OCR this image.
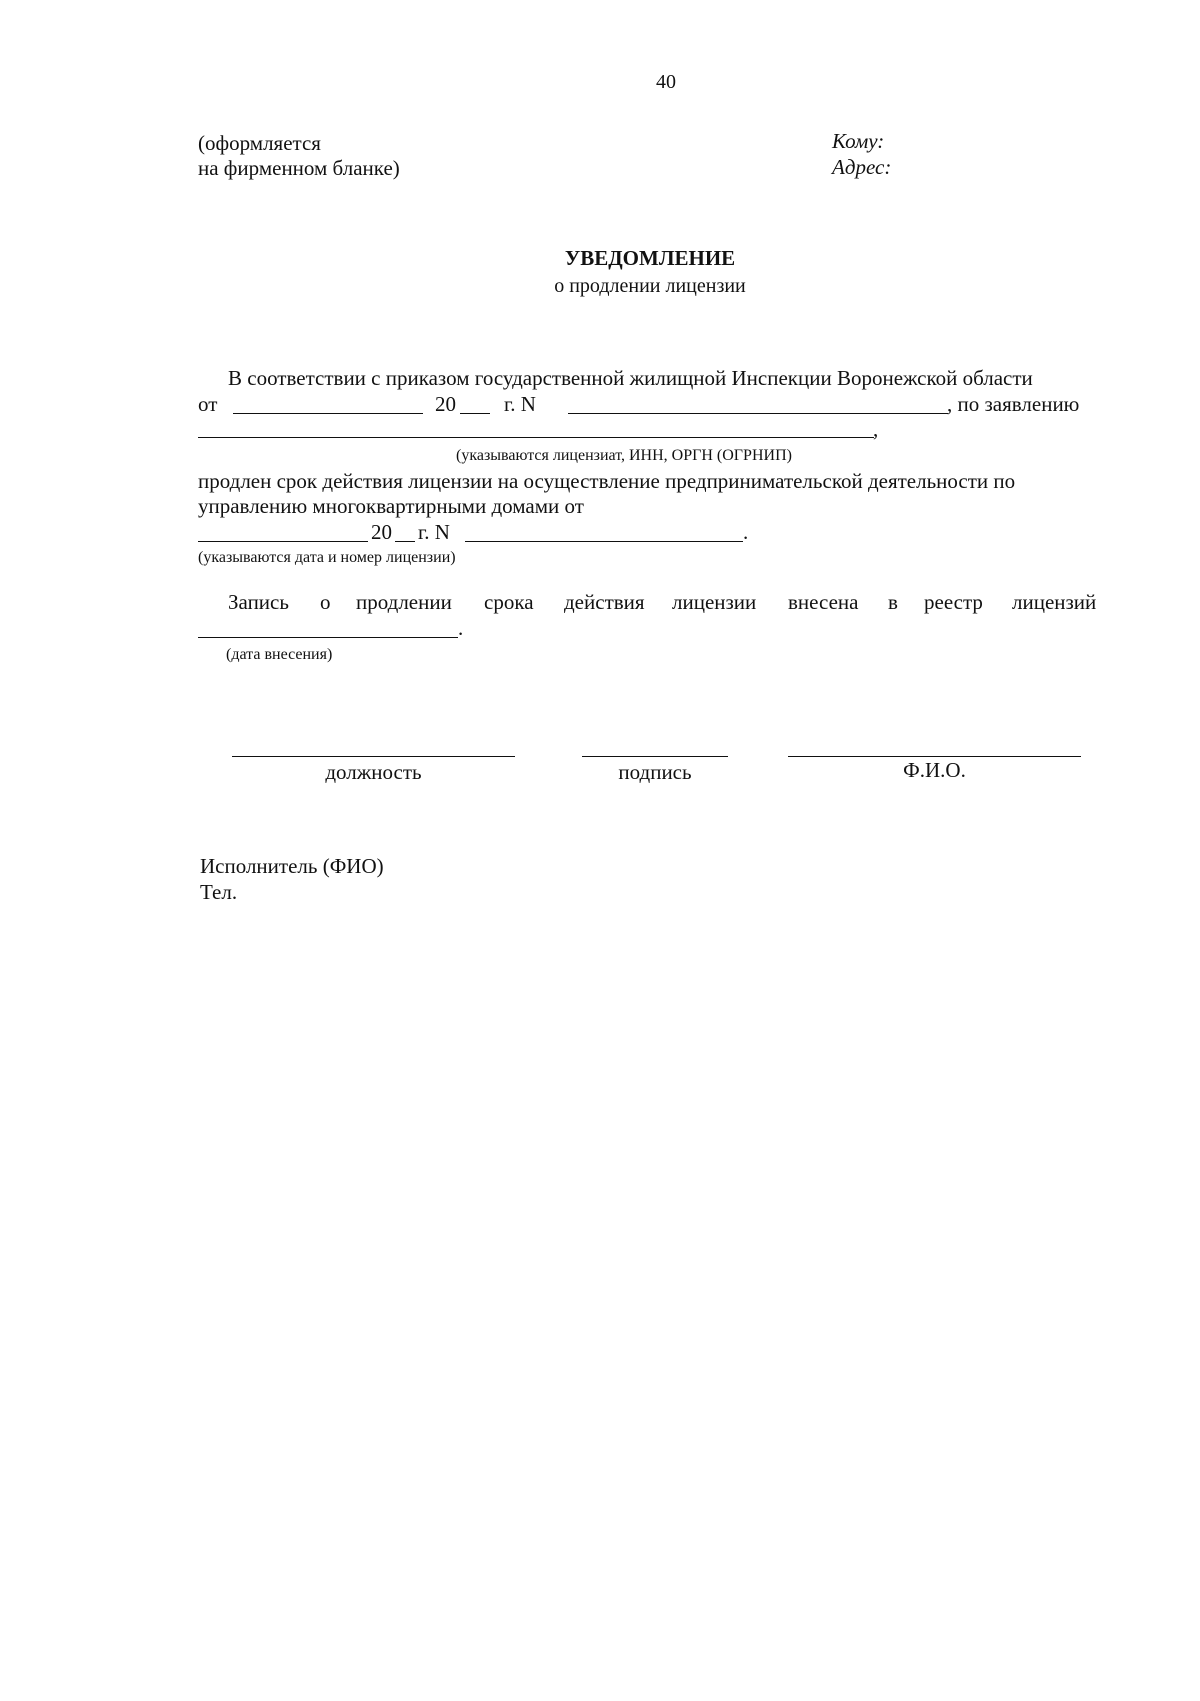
40
(оформляется
на фирменном бланке)
Кому:
Адрес:
УВЕДОМЛЕНИЕ
о продлении лицензии
В соответствии с приказом государственной жилищной Инспекции Воронежской области
от	20 г. N	, по заявлению
,
(указываются лицензиат, ИНН, ОРГН (ОГРНИП)
продлен срок действия лицензии на осуществление предпринимательской деятельности по
управлению многоквартирными домами от
20 г. N	.
(указываются дата и номер лицензии)
Запись о продлении срока действия лицензии внесена в реестр лицензий
.
(дата внесения)
должность	подпись	Ф.И.О.
Исполнитель (ФИО)
Тел.
